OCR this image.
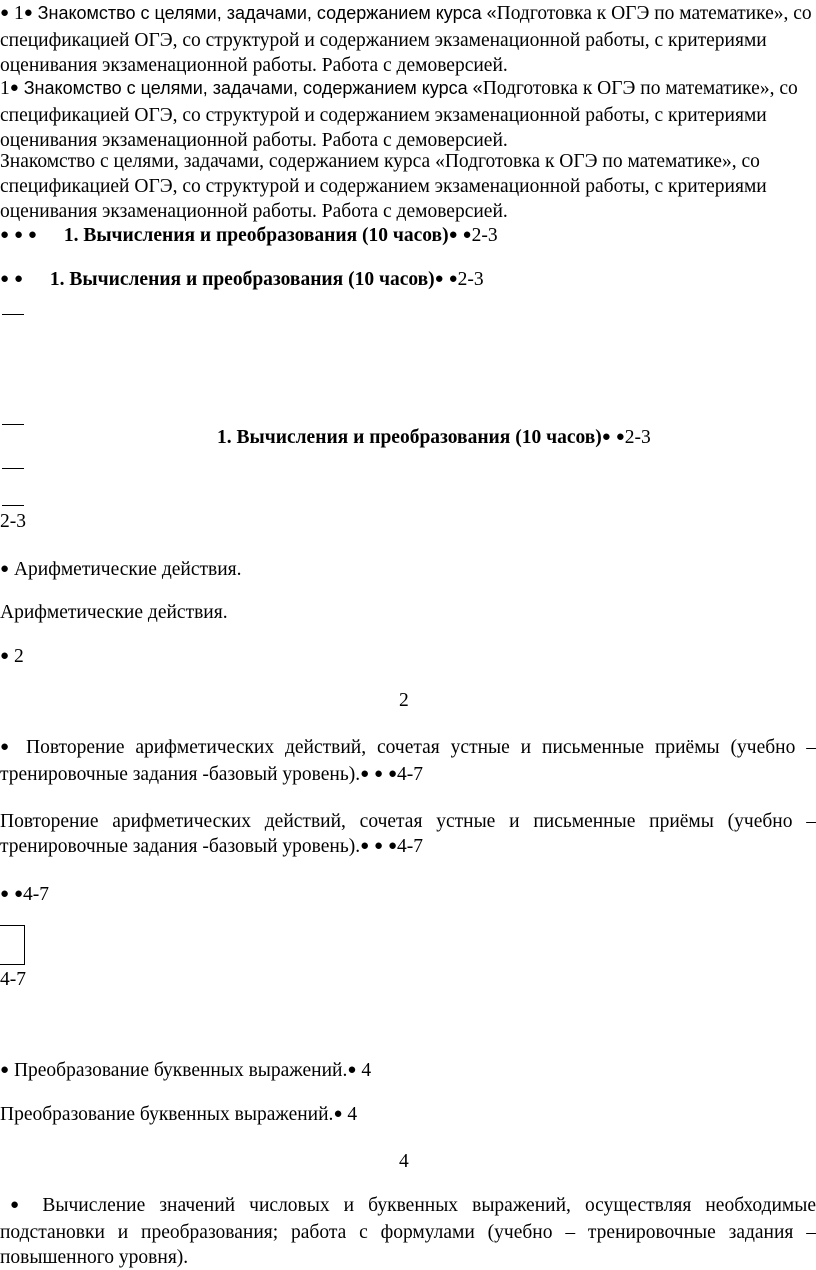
● 1● Знакомство с целями, задачами, содержанием курса «Подготовка к ОГЭ по математике», со спецификацией ОГЭ, со структурой и содержанием экзаменационной работы, с критериями оценивания экзаменационной работы. Работа с демоверсией.
1● Знакомство с целями, задачами, содержанием курса «Подготовка к ОГЭ по математике», со спецификацией ОГЭ, со структурой и содержанием экзаменационной работы, с критериями оценивания экзаменационной работы. Работа с демоверсией.

Знакомство с целями, задачами, содержанием курса «Подготовка к ОГЭ по математике», со спецификацией ОГЭ, со структурой и содержанием экзаменационной работы, с критериями оценивания экзаменационной работы. Работа с демоверсией.

● ● ● 1. Вычисления и преобразования (10 часов)● ●2-3
● ● 1. Вычисления и преобразования (10 часов)● ●2-3
1. Вычисления и преобразования (10 часов)● ●2-3
2-3
● Арифметические действия.
Арифметические действия.
● 2
2
● Повторение арифметических действий, сочетая устные и письменные приёмы (учебно – тренировочные задания -базовый уровень).● ● ●4-7
Повторение арифметических действий, сочетая устные и письменные приёмы (учебно – тренировочные задания -базовый уровень).● ● ●4-7
● ●4-7
4-7
● Преобразование буквенных выражений.● 4
Преобразование буквенных выражений.● 4
4
● Вычисление значений числовых и буквенных выражений, осуществляя необходимые подстановки и преобразования; работа с формулами (учебно – тренировочные задания – повышенного уровня).
